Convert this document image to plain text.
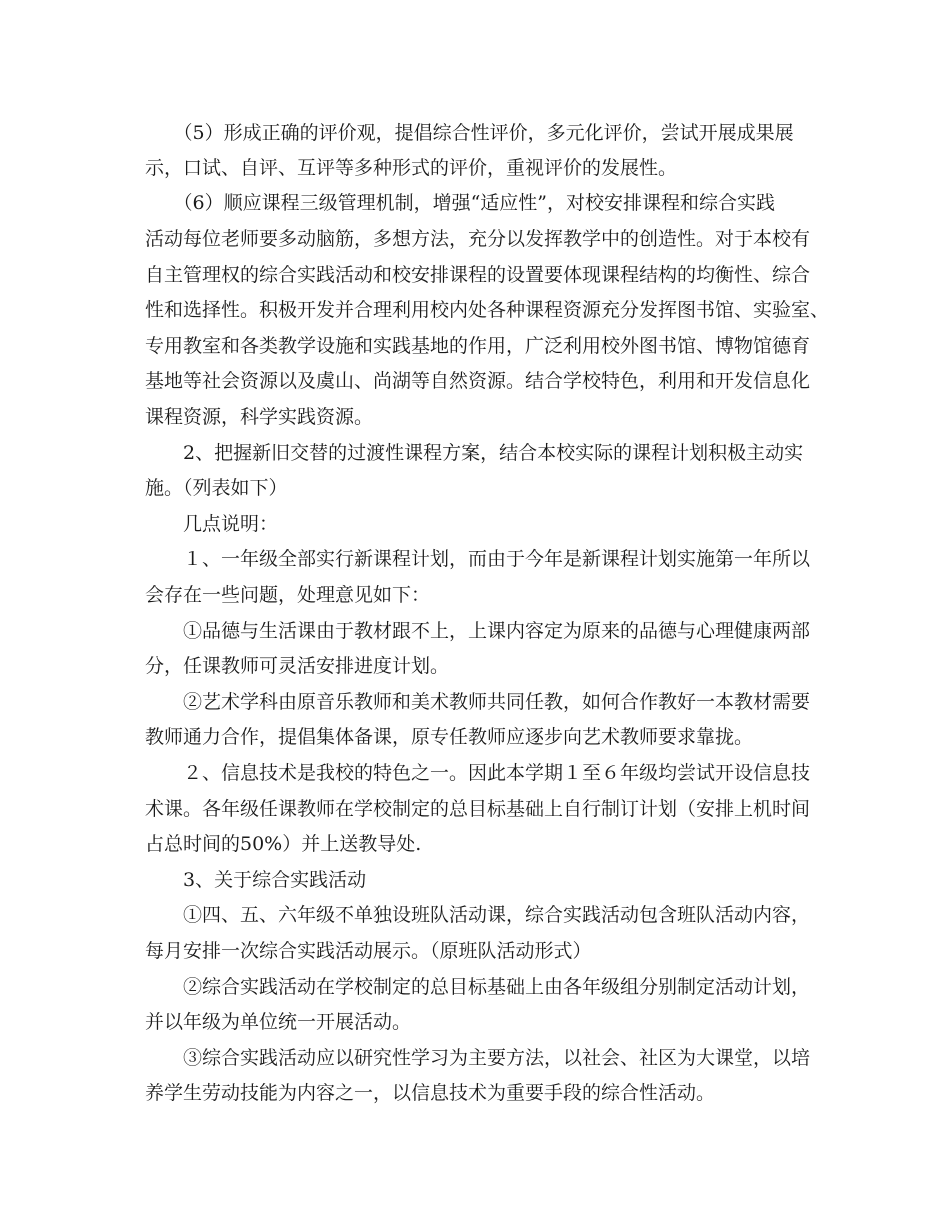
　　（5）形成正确的评价观，提倡综合性评价，多元化评价，尝试开展成果展
示，口试、自评、互评等多种形式的评价，重视评价的发展性。
　　（6）顺应课程三级管理机制，增强“适应性”，对校安排课程和综合实践
活动每位老师要多动脑筋，多想方法，充分以发挥教学中的创造性。对于本校有
自主管理权的综合实践活动和校安排课程的设置要体现课程结构的均衡性、综合
性和选择性。积极开发并合理利用校内处各种课程资源充分发挥图书馆、实验室、
专用教室和各类教学设施和实践基地的作用，广泛利用校外图书馆、博物馆德育
基地等社会资源以及虞山、尚湖等自然资源。结合学校特色，利用和开发信息化
课程资源，科学实践资源。
　　2、把握新旧交替的过渡性课程方案，结合本校实际的课程计划积极主动实
施。（列表如下）
　　几点说明：
　　１、一年级全部实行新课程计划，而由于今年是新课程计划实施第一年所以
会存在一些问题，处理意见如下：
　　①品德与生活课由于教材跟不上，上课内容定为原来的品德与心理健康两部
分，任课教师可灵活安排进度计划。
　　②艺术学科由原音乐教师和美术教师共同任教，如何合作教好一本教材需要
教师通力合作，提倡集体备课，原专任教师应逐步向艺术教师要求靠拢。
　　２、信息技术是我校的特色之一。因此本学期１至６年级均尝试开设信息技
术课。各年级任课教师在学校制定的总目标基础上自行制订计划（安排上机时间
占总时间的50%）并上送教导处.
　　3、关于综合实践活动
　　①四、五、六年级不单独设班队活动课，综合实践活动包含班队活动内容，
每月安排一次综合实践活动展示。（原班队活动形式）
　　②综合实践活动在学校制定的总目标基础上由各年级组分别制定活动计划，
并以年级为单位统一开展活动。
　　③综合实践活动应以研究性学习为主要方法，以社会、社区为大课堂，以培
养学生劳动技能为内容之一，以信息技术为重要手段的综合性活动。
